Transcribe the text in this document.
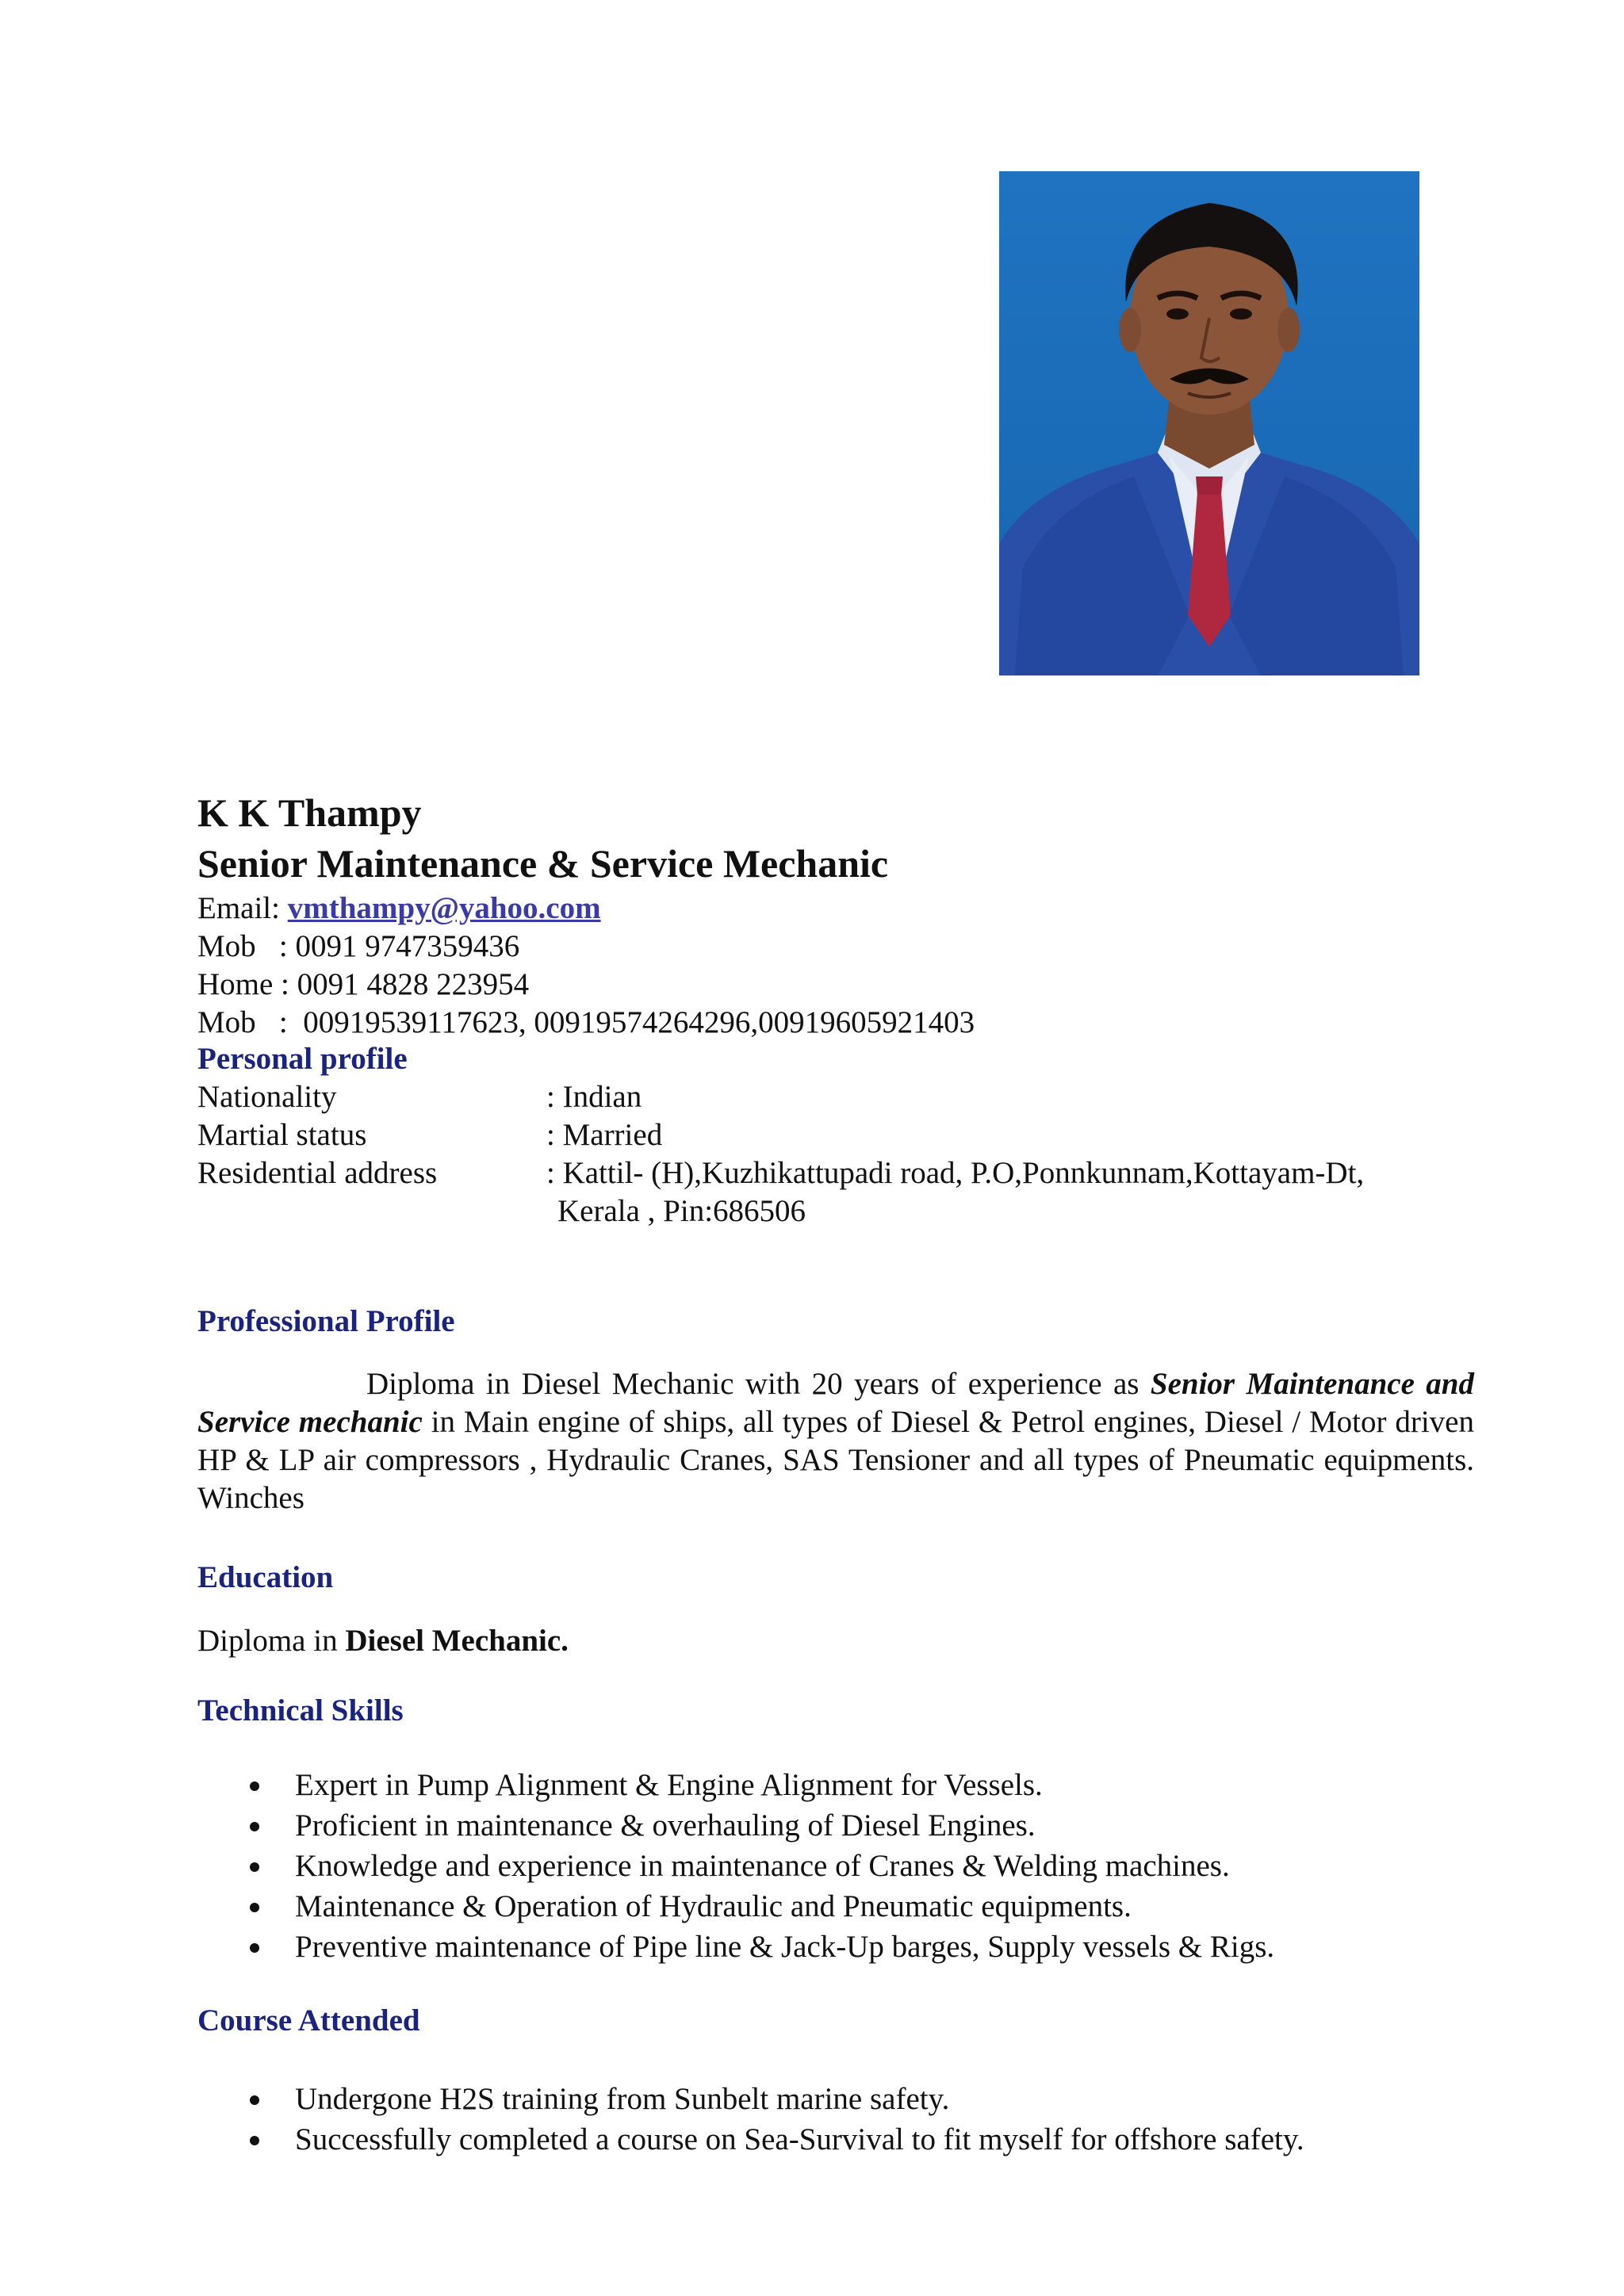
K K Thampy
Senior Maintenance & Service Mechanic
Email: vmthampy@yahoo.com
Mob   : 0091 9747359436
Home : 0091 4828 223954
Mob   :  00919539117623, 00919574264296,00919605921403
Personal profile
Nationality	: Indian
Martial status	: Married
Residential address	: Kattil- (H),Kuzhikattupadi road, P.O,Ponnkunnam,Kottayam-Dt,
Kerala , Pin:686506
Professional Profile
Diploma in Diesel Mechanic with 20 years of experience as Senior Maintenance and Service mechanic in Main engine of ships, all types of Diesel & Petrol engines, Diesel / Motor driven HP & LP air compressors , Hydraulic Cranes, SAS Tensioner and all types of Pneumatic equipments. Winches
Education
Diploma in Diesel Mechanic.
Technical Skills
Expert in Pump Alignment & Engine Alignment for Vessels.
Proficient in maintenance & overhauling of Diesel Engines.
Knowledge and experience in maintenance of Cranes & Welding machines.
Maintenance & Operation of Hydraulic and Pneumatic equipments.
Preventive maintenance of Pipe line & Jack-Up barges, Supply vessels & Rigs.
Course Attended
Undergone H2S training from Sunbelt marine safety.
Successfully completed a course on Sea-Survival to fit myself for offshore safety.
